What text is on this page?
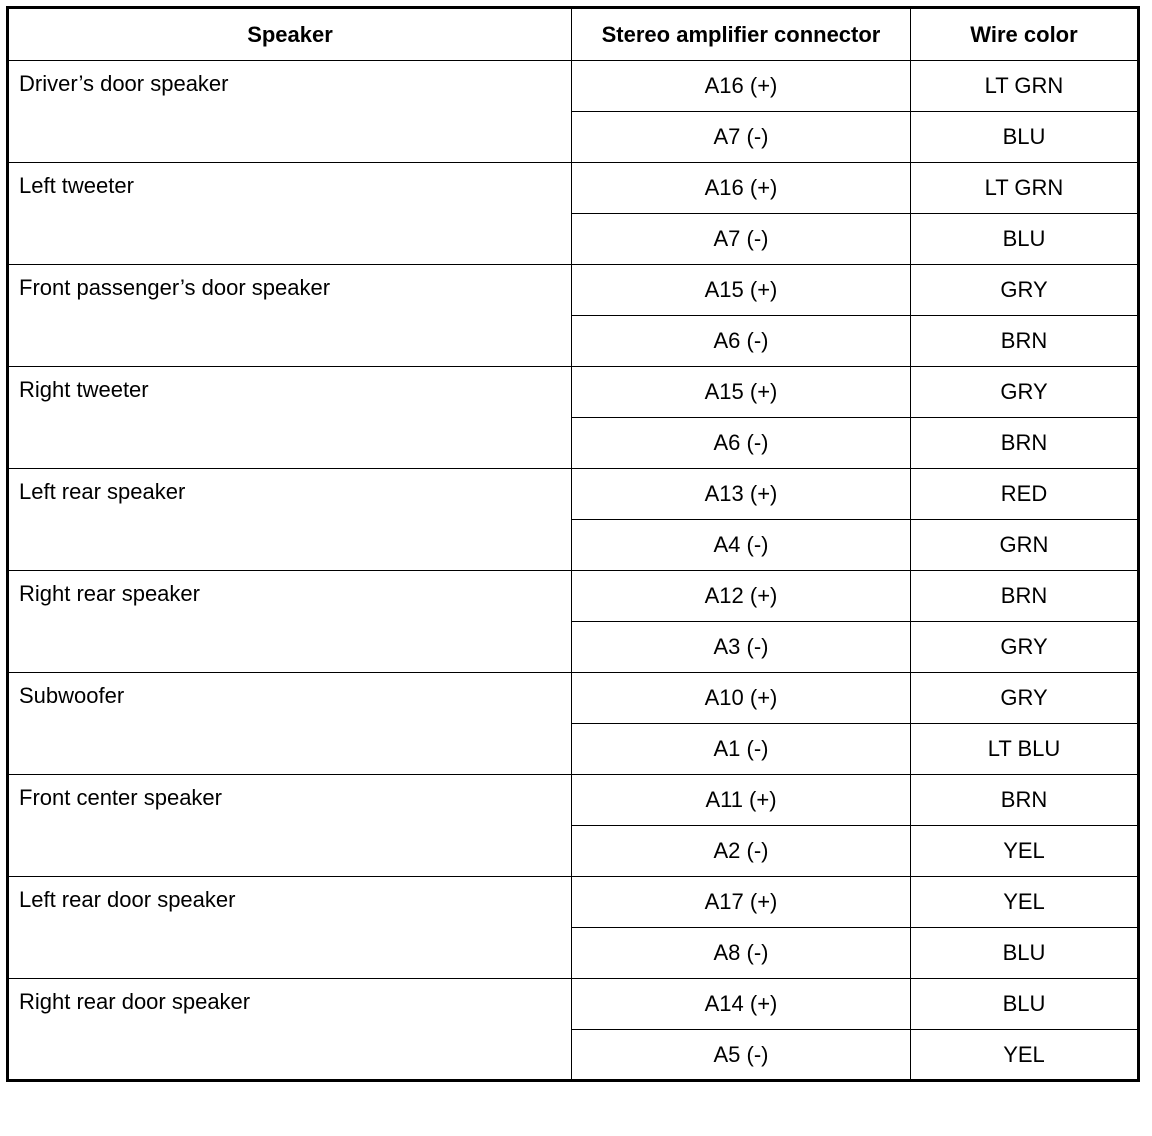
Speaker	Stereo amplifier connector	Wire color
Driver’s door speaker	A16 (+)	LT GRN
	A7 (-)	BLU
Left tweeter	A16 (+)	LT GRN
	A7 (-)	BLU
Front passenger’s door speaker	A15 (+)	GRY
	A6 (-)	BRN
Right tweeter	A15 (+)	GRY
	A6 (-)	BRN
Left rear speaker	A13 (+)	RED
	A4 (-)	GRN
Right rear speaker	A12 (+)	BRN
	A3 (-)	GRY
Subwoofer	A10 (+)	GRY
	A1 (-)	LT BLU
Front center speaker	A11 (+)	BRN
	A2 (-)	YEL
Left rear door speaker	A17 (+)	YEL
	A8 (-)	BLU
Right rear door speaker	A14 (+)	BLU
	A5 (-)	YEL
